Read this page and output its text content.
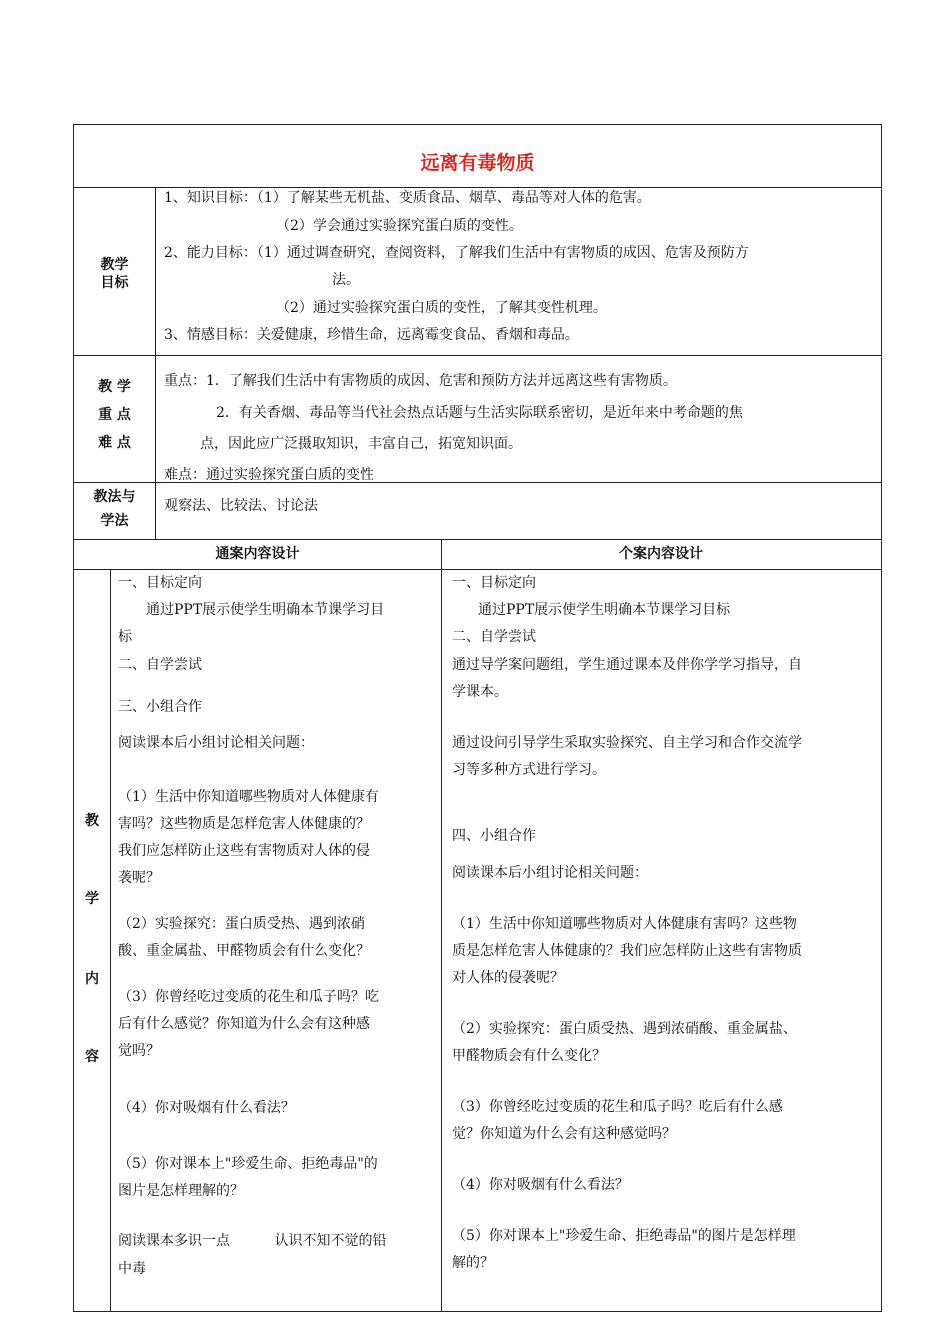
远离有毒物质
教学
目标
1、知识目标：（1）了解某些无机盐、变质食品、烟草、毒品等对人体的危害。
（2）学会通过实验探究蛋白质的变性。
2、能力目标：（1）通过调查研究，查阅资料，了解我们生活中有害物质的成因、危害及预防方
法。
（2）通过实验探究蛋白质的变性，了解其变性机理。
3、情感目标：关爱健康，珍惜生命，远离霉变食品、香烟和毒品。
教 学
重 点
难 点
重点：1．了解我们生活中有害物质的成因、危害和预防方法并远离这些有害物质。
2．有关香烟、毒品等当代社会热点话题与生活实际联系密切，是近年来中考命题的焦
点，因此应广泛摄取知识，丰富自己，拓宽知识面。
难点：通过实验探究蛋白质的变性
教法与
学法
观察法、比较法、讨论法
通案内容设计	个案内容设计
教
学
内
容
一、目标定向
通过PPT展示使学生明确本节课学习目
标
二、自学尝试
三、小组合作
阅读课本后小组讨论相关问题：
（1）生活中你知道哪些物质对人体健康有
害吗？这些物质是怎样危害人体健康的？
我们应怎样防止这些有害物质对人体的侵
袭呢？
（2）实验探究：蛋白质受热、遇到浓硝
酸、重金属盐、甲醛物质会有什么变化？
（3）你曾经吃过变质的花生和瓜子吗？吃
后有什么感觉？你知道为什么会有这种感
觉吗？
（4）你对吸烟有什么看法？
（5）你对课本上"珍爱生命、拒绝毒品"的
图片是怎样理解的？
阅读课本多识一点          认识不知不觉的铅
中毒
一、目标定向
通过PPT展示使学生明确本节课学习目标
二、自学尝试
通过导学案问题组，学生通过课本及伴你学学习指导，自
学课本。
通过设问引导学生采取实验探究、自主学习和合作交流学
习等多种方式进行学习。
四、小组合作
阅读课本后小组讨论相关问题：
（1）生活中你知道哪些物质对人体健康有害吗？这些物
质是怎样危害人体健康的？我们应怎样防止这些有害物质
对人体的侵袭呢？
（2）实验探究：蛋白质受热、遇到浓硝酸、重金属盐、
甲醛物质会有什么变化？
（3）你曾经吃过变质的花生和瓜子吗？吃后有什么感
觉？你知道为什么会有这种感觉吗？
（4）你对吸烟有什么看法？
（5）你对课本上"珍爱生命、拒绝毒品"的图片是怎样理
解的？
